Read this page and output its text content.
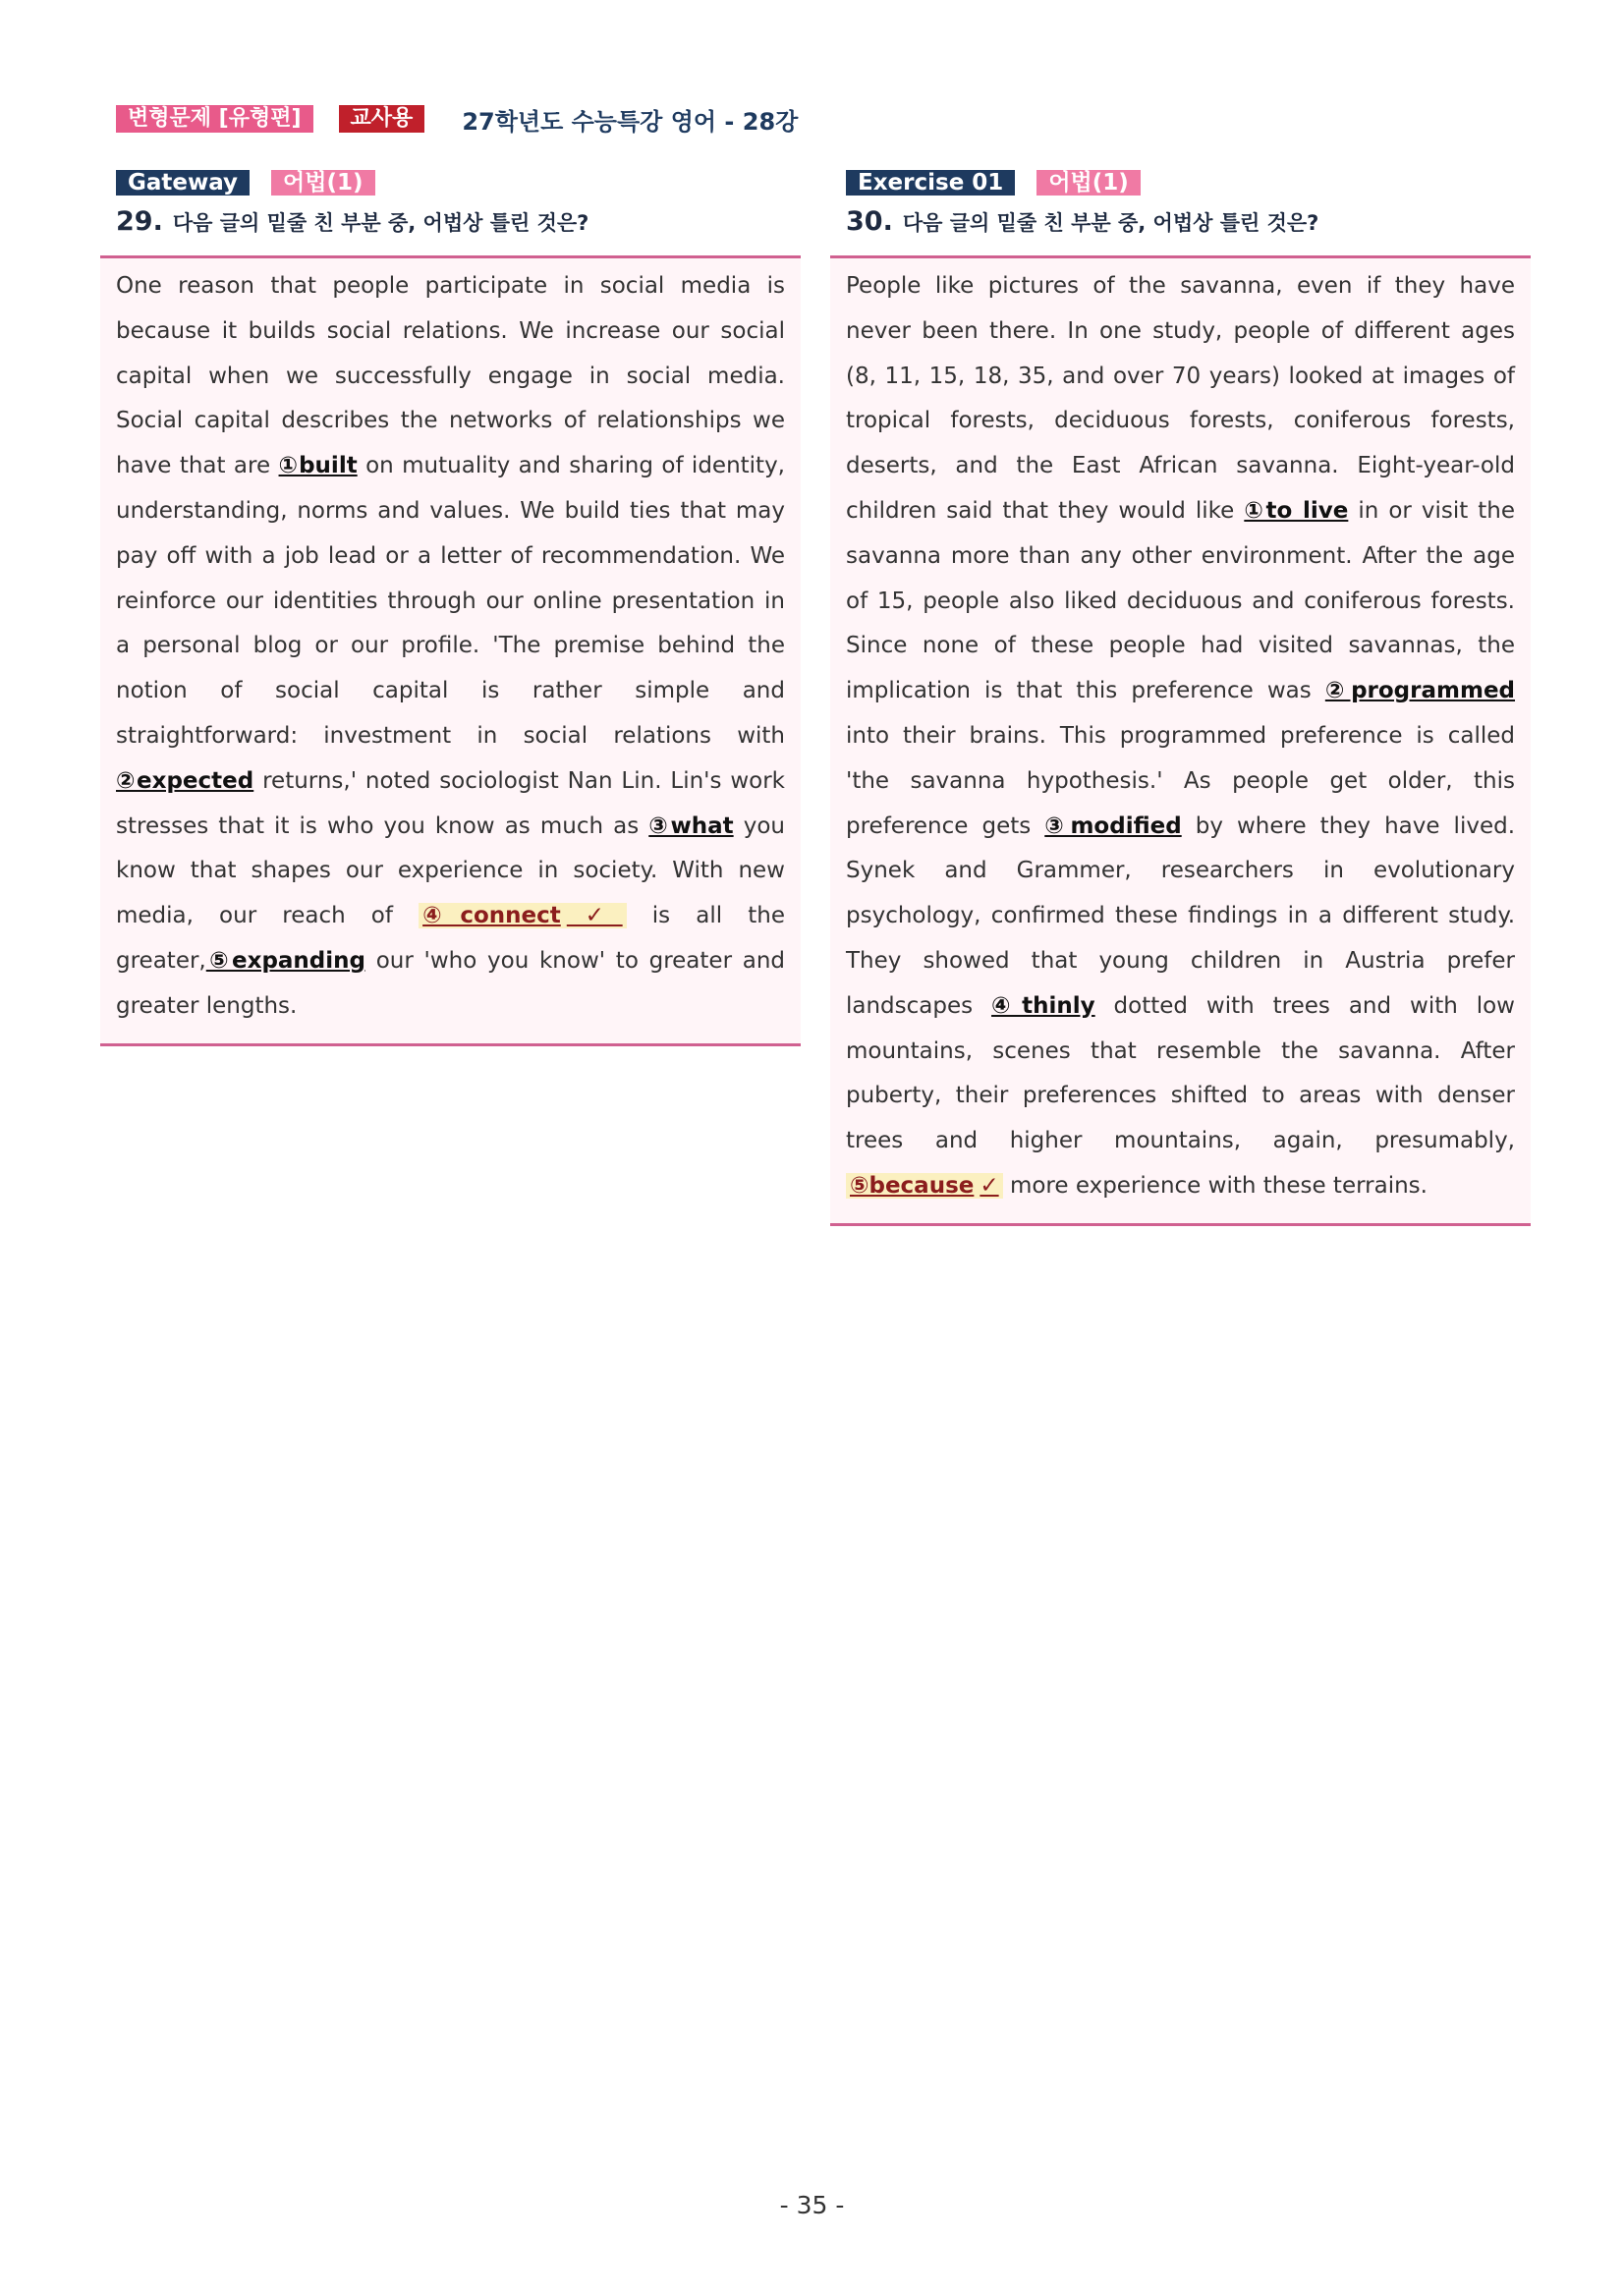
변형문제 [유형편]	교사용	27학년도 수능특강 영어 - 28강
Gateway	어법(1)
29. 다음 글의 밑줄 친 부분 중, 어법상 틀린 것은?

One reason that people participate in social media is because it builds social relations. We increase our social capital when we successfully engage in social media. Social capital describes the networks of relationships we have that are ①built on mutuality and sharing of identity, understanding, norms and values. We build ties that may pay off with a job lead or a letter of recommendation. We reinforce our identities through our online presentation in a personal blog or our profile. 'The premise behind the notion of social capital is rather simple and straightforward: investment in social relations with ②expected returns,' noted sociologist Nan Lin. Lin's work stresses that it is who you know as much as ③what you know that shapes our experience in society. With new media, our reach of ④connect ✓ is all the greater,⑤expanding our 'who you know' to greater and greater lengths.

Exercise 01	어법(1)
30. 다음 글의 밑줄 친 부분 중, 어법상 틀린 것은?

People like pictures of the savanna, even if they have never been there. In one study, people of different ages (8, 11, 15, 18, 35, and over 70 years) looked at images of tropical forests, deciduous forests, coniferous forests, deserts, and the East African savanna. Eight-year-old children said that they would like ①to live in or visit the savanna more than any other environment. After the age of 15, people also liked deciduous and coniferous forests. Since none of these people had visited savannas, the implication is that this preference was ②programmed into their brains. This programmed preference is called 'the savanna hypothesis.' As people get older, this preference gets ③modified by where they have lived. Synek and Grammer, researchers in evolutionary psychology, confirmed these findings in a different study. They showed that young children in Austria prefer landscapes ④thinly dotted with trees and with low mountains, scenes that resemble the savanna. After puberty, their preferences shifted to areas with denser trees and higher mountains, again, presumably, ⑤because ✓ more experience with these terrains.

- 35 -
